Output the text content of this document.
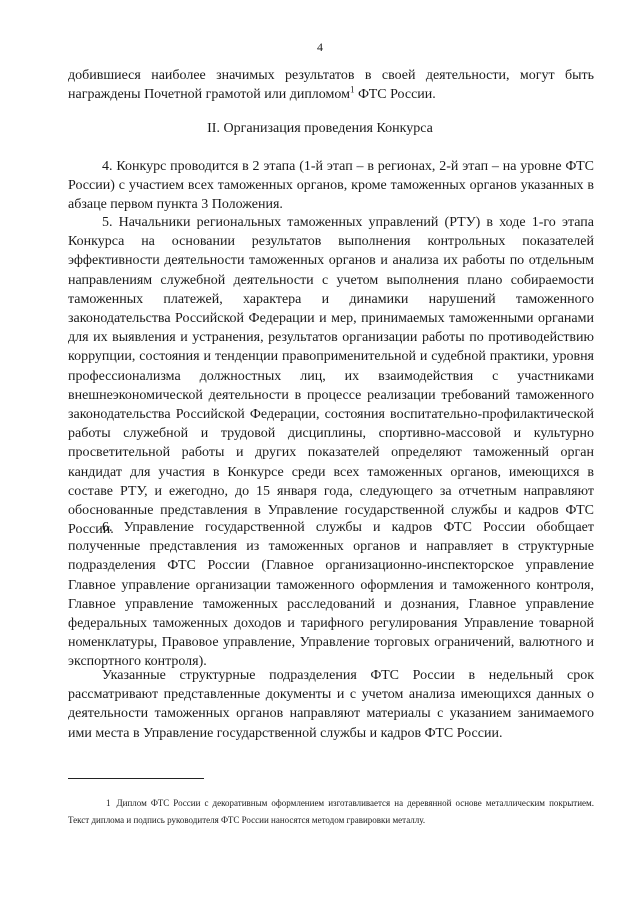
4
добившиеся наиболее значимых результатов в своей деятельности, могут быть награждены Почетной грамотой или дипломом$^1$ ФТС России.
II. Организация проведения Конкурса
4. Конкурс проводится в 2 этапа (1-й этап – в регионах, 2-й этап – на уровне ФТС России) с участием всех таможенных органов, кроме таможенных органов указанных в абзаце первом пункта 3 Положения.
5. Начальники региональных таможенных управлений (РТУ) в ходе 1-го этапа Конкурса на основании результатов выполнения контрольных показателей эффективности деятельности таможенных органов и анализа их работы по отдельным направлениям служебной деятельности с учетом выполнения плано собираемости таможенных платежей, характера и динамики нарушений таможенного законодательства Российской Федерации и мер, принимаемых таможенными органами для их выявления и устранения, результатов организации работы по противодействию коррупции, состояния и тенденции правоприменительной и судебной практики, уровня профессионализма должностных лиц, их взаимодействия с участниками внешнеэкономической деятельности в процессе реализации требований таможенного законодательства Российской Федерации, состояния воспитательно-профилактической работы служебной и трудовой дисциплины, спортивно-массовой и культурно просветительной работы и других показателей определяют таможенный орган кандидат для участия в Конкурсе среди всех таможенных органов, имеющихся в составе РТУ, и ежегодно, до 15 января года, следующего за отчетным направляют обоснованные представления в Управление государственной службы и кадров ФТС России.
6. Управление государственной службы и кадров ФТС России обобщает полученные представления из таможенных органов и направляет в структурные подразделения ФТС России (Главное организационно-инспекторское управление Главное управление организации таможенного оформления и таможенного контроля, Главное управление таможенных расследований и дознания, Главное управление федеральных таможенных доходов и тарифного регулирования Управление товарной номенклатуры, Правовое управление, Управление торговых ограничений, валютного и экспортного контроля).
Указанные структурные подразделения ФТС России в недельный срок рассматривают представленные документы и с учетом анализа имеющихся данных о деятельности таможенных органов направляют материалы с указанием занимаемого ими места в Управление государственной службы и кадров ФТС России.
1 Диплом ФТС России с декоративным оформлением изготавливается на деревянной основе металлическим покрытием. Текст диплома и подпись руководителя ФТС России наносятся методом гравировки металлу.
